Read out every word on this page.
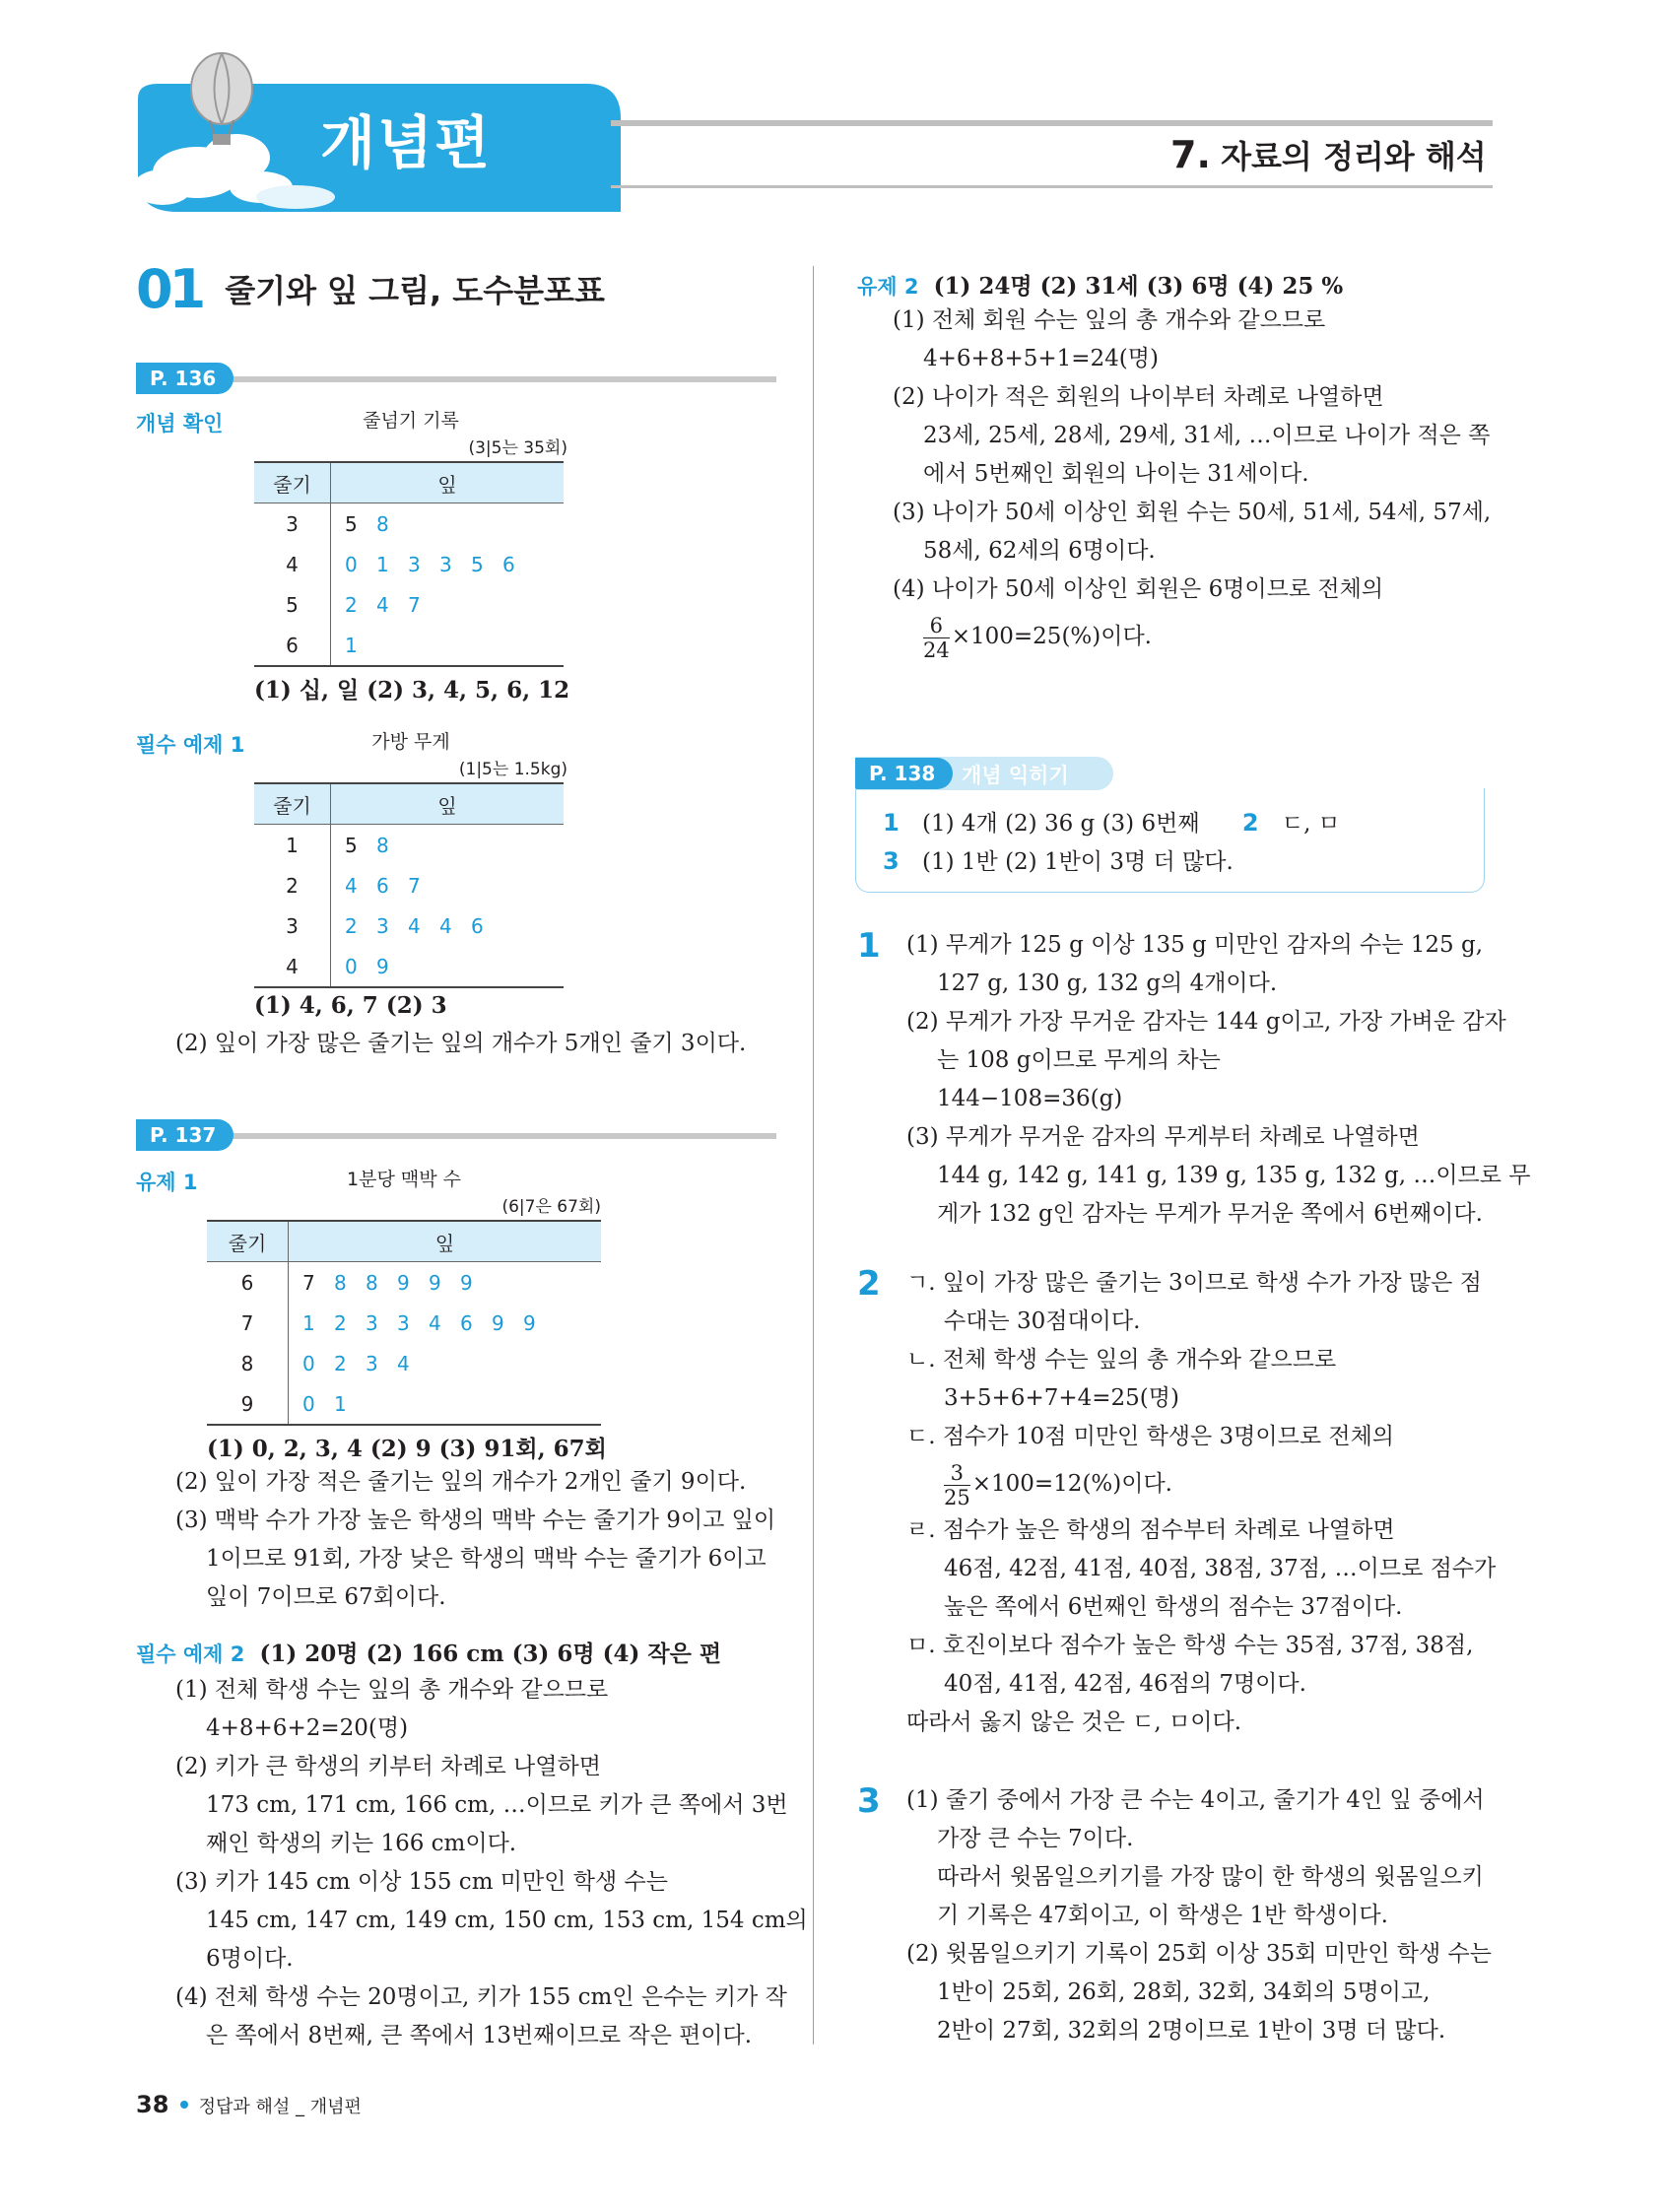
개념편	7. 자료의 정리와 해석
01 줄기와 잎 그림, 도수분포표
P. 136
개념 확인	줄넘기 기록
(3|5는 35회)
줄기	잎
3	5 8
4	0 1 3 3 5 6
5	2 4 7
6	1
(1) 십, 일 (2) 3, 4, 5, 6, 12
필수 예제 1	가방 무게
(1|5는 1.5kg)
줄기	잎
1	5 8
2	4 6 7
3	2 3 4 4 6
4	0 9
(1) 4, 6, 7 (2) 3
(2) 잎이 가장 많은 줄기는 잎의 개수가 5개인 줄기 3이다.
P. 137
유제 1	1분당 맥박 수
(6|7은 67회)
줄기	잎
6	7 8 8 9 9 9
7	1 2 3 3 4 6 9 9
8	0 2 3 4
9	0 1
(1) 0, 2, 3, 4 (2) 9 (3) 91회, 67회
(2) 잎이 가장 적은 줄기는 잎의 개수가 2개인 줄기 9이다.
(3) 맥박 수가 가장 높은 학생의 맥박 수는 줄기가 9이고 잎이
1이므로 91회, 가장 낮은 학생의 맥박 수는 줄기가 6이고
잎이 7이므로 67회이다.
필수 예제 2 (1) 20명 (2) 166 cm (3) 6명 (4) 작은 편
(1) 전체 학생 수는 잎의 총 개수와 같으므로
4+8+6+2=20(명)
(2) 키가 큰 학생의 키부터 차례로 나열하면
173 cm, 171 cm, 166 cm, …이므로 키가 큰 쪽에서 3번
째인 학생의 키는 166 cm이다.
(3) 키가 145 cm 이상 155 cm 미만인 학생 수는
145 cm, 147 cm, 149 cm, 150 cm, 153 cm, 154 cm의
6명이다.
(4) 전체 학생 수는 20명이고, 키가 155 cm인 은수는 키가 작
은 쪽에서 8번째, 큰 쪽에서 13번째이므로 작은 편이다.
유제 2 (1) 24명 (2) 31세 (3) 6명 (4) 25 %
(1) 전체 회원 수는 잎의 총 개수와 같으므로
4+6+8+5+1=24(명)
(2) 나이가 적은 회원의 나이부터 차례로 나열하면
23세, 25세, 28세, 29세, 31세, …이므로 나이가 적은 쪽
에서 5번째인 회원의 나이는 31세이다.
(3) 나이가 50세 이상인 회원 수는 50세, 51세, 54세, 57세,
58세, 62세의 6명이다.
(4) 나이가 50세 이상인 회원은 6명이므로 전체의
$\frac{6}{24} \times 100=25(\%)$이다.
P. 138	개념 익히기
1 (1) 4개 (2) 36 g (3) 6번째 2 ㄷ, ㅁ
3 (1) 1반 (2) 1반이 3명 더 많다.
1 (1) 무게가 125 g 이상 135 g 미만인 감자의 수는 125 g,
127 g, 130 g, 132 g의 4개이다.
(2) 무게가 가장 무거운 감자는 144 g이고, 가장 가벼운 감자
는 108 g이므로 무게의 차는
144−108=36(g)
(3) 무게가 무거운 감자의 무게부터 차례로 나열하면
144 g, 142 g, 141 g, 139 g, 135 g, 132 g, …이므로 무
게가 132 g인 감자는 무게가 무거운 쪽에서 6번째이다.
2 ㄱ. 잎이 가장 많은 줄기는 3이므로 학생 수가 가장 많은 점
수대는 30점대이다.
ㄴ. 전체 학생 수는 잎의 총 개수와 같으므로
3+5+6+7+4=25(명)
ㄷ. 점수가 10점 미만인 학생은 3명이므로 전체의
$\frac{3}{25} \times 100=12(\%)$이다.
ㄹ. 점수가 높은 학생의 점수부터 차례로 나열하면
46점, 42점, 41점, 40점, 38점, 37점, …이므로 점수가
높은 쪽에서 6번째인 학생의 점수는 37점이다.
ㅁ. 호진이보다 점수가 높은 학생 수는 35점, 37점, 38점,
40점, 41점, 42점, 46점의 7명이다.
따라서 옳지 않은 것은 ㄷ, ㅁ이다.
3 (1) 줄기 중에서 가장 큰 수는 4이고, 줄기가 4인 잎 중에서
가장 큰 수는 7이다.
따라서 윗몸일으키기를 가장 많이 한 학생의 윗몸일으키
기 기록은 47회이고, 이 학생은 1반 학생이다.
(2) 윗몸일으키기 기록이 25회 이상 35회 미만인 학생 수는
1반이 25회, 26회, 28회, 32회, 34회의 5명이고,
2반이 27회, 32회의 2명이므로 1반이 3명 더 많다.
38 정답과 해설 _ 개념편
